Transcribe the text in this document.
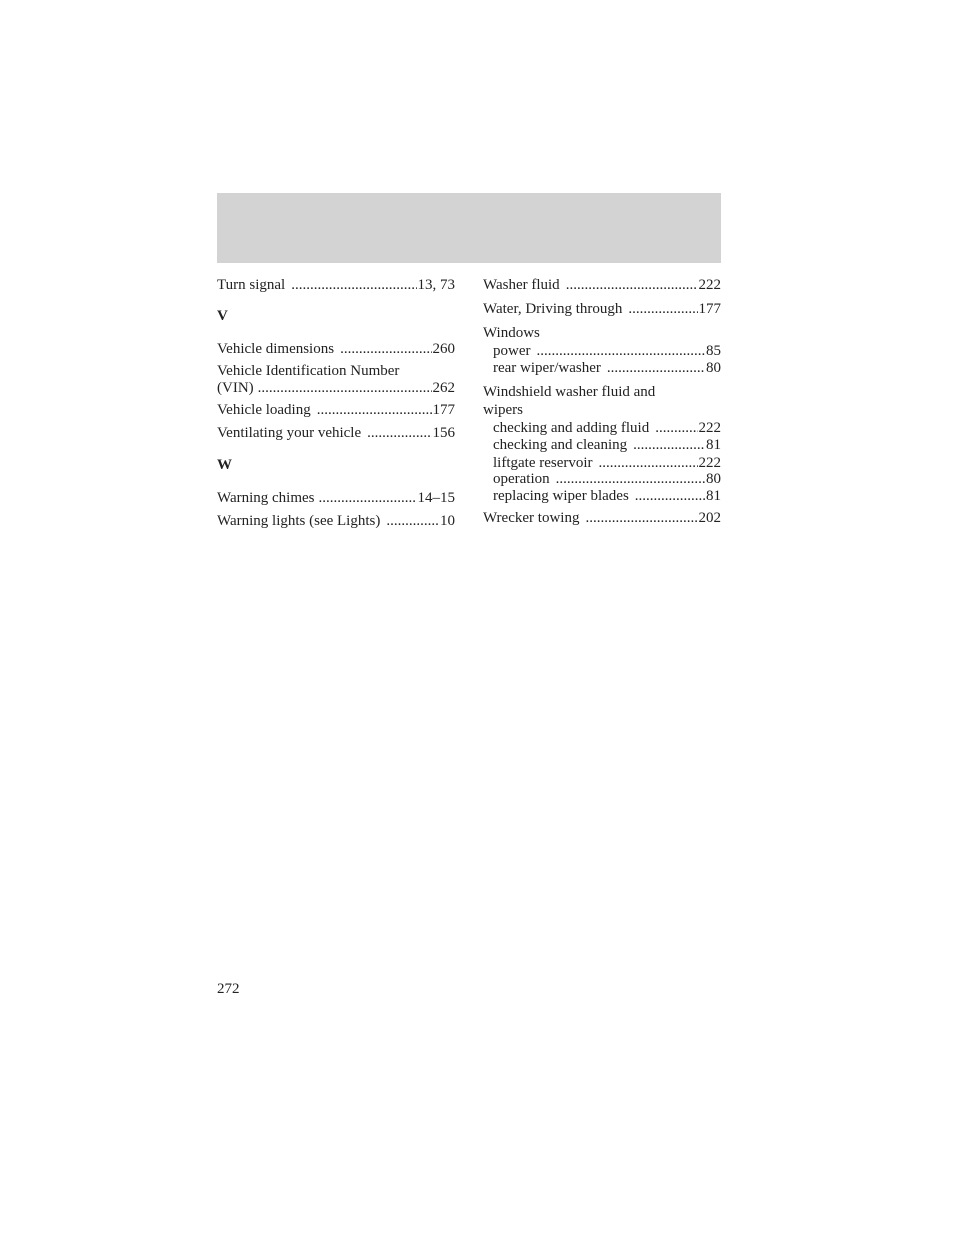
Turn signal .....	13, 73
V
Vehicle dimensions .....	260
Vehicle Identification Number
(VIN) .....	262
Vehicle loading .....	177
Ventilating your vehicle .....	156
W
Warning chimes .....	14–15
Warning lights (see Lights) .....	10
Washer fluid .....	222
Water, Driving through .....	177
Windows
power .....	85
rear wiper/washer .....	80
Windshield washer fluid and
wipers
checking and adding fluid .....	222
checking and cleaning .....	81
liftgate reservoir .....	222
operation .....	80
replacing wiper blades .....	81
Wrecker towing .....	202
272
